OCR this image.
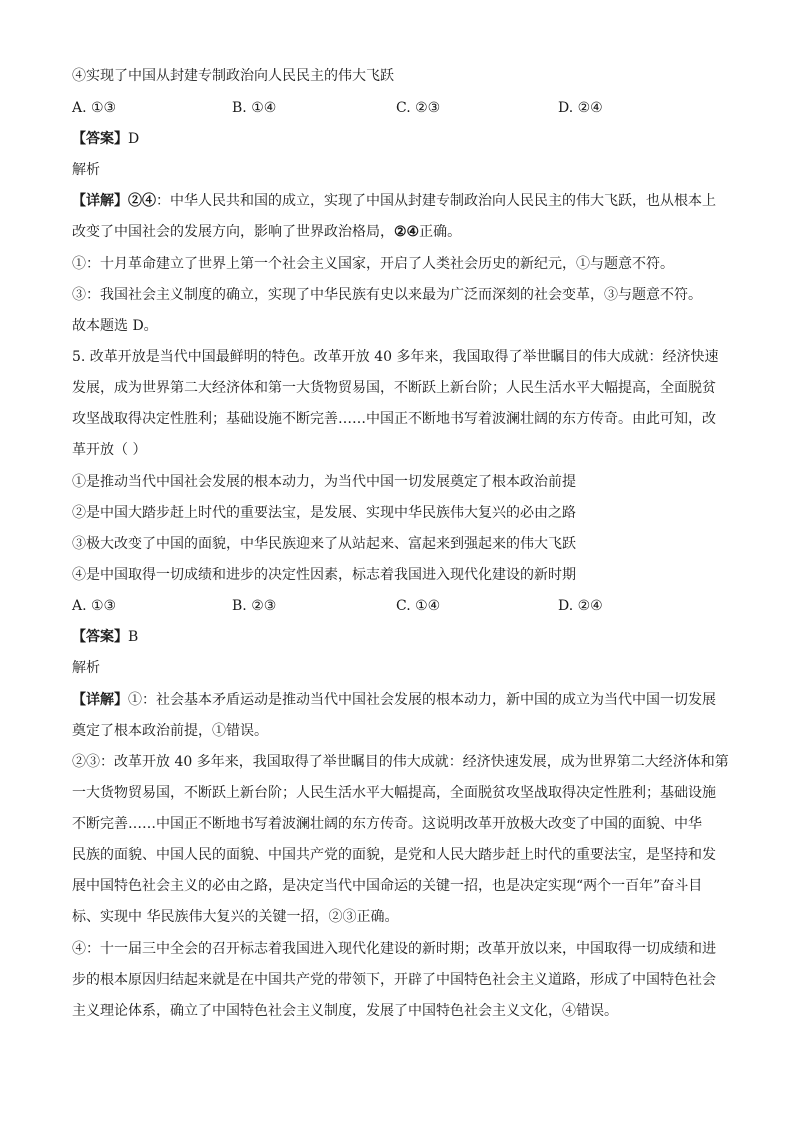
④实现了中国从封建专制政治向人民民主的伟大飞跃
A. ①③	B. ①④	C. ②③	D. ②④
【答案】D
解析
【详解】②④：中华人民共和国的成立，实现了中国从封建专制政治向人民民主的伟大飞跃，也从根本上
改变了中国社会的发展方向，影响了世界政治格局，②④正确。
①：十月革命建立了世界上第一个社会主义国家，开启了人类社会历史的新纪元，①与题意不符。
③：我国社会主义制度的确立，实现了中华民族有史以来最为广泛而深刻的社会变革，③与题意不符。
故本题选 D。
5. 改革开放是当代中国最鲜明的特色。改革开放 40 多年来，我国取得了举世瞩目的伟大成就：经济快速
发展，成为世界第二大经济体和第一大货物贸易国，不断跃上新台阶；人民生活水平大幅提高，全面脱贫
攻坚战取得决定性胜利；基础设施不断完善……中国正不断地书写着波澜壮阔的东方传奇。由此可知，改
革开放（ ）
①是推动当代中国社会发展的根本动力，为当代中国一切发展奠定了根本政治前提
②是中国大踏步赶上时代的重要法宝，是发展、实现中华民族伟大复兴的必由之路
③极大改变了中国的面貌，中华民族迎来了从站起来、富起来到强起来的伟大飞跃
④是中国取得一切成绩和进步的决定性因素，标志着我国进入现代化建设的新时期
A. ①③	B. ②③	C. ①④	D. ②④
【答案】B
解析
【详解】①：社会基本矛盾运动是推动当代中国社会发展的根本动力，新中国的成立为当代中国一切发展
奠定了根本政治前提，①错误。
②③：改革开放 40 多年来，我国取得了举世瞩目的伟大成就：经济快速发展，成为世界第二大经济体和第
一大货物贸易国，不断跃上新台阶；人民生活水平大幅提高，全面脱贫攻坚战取得决定性胜利；基础设施
不断完善……中国正不断地书写着波澜壮阔的东方传奇。这说明改革开放极大改变了中国的面貌、中华
民族的面貌、中国人民的面貌、中国共产党的面貌，是党和人民大踏步赶上时代的重要法宝，是坚持和发
展中国特色社会主义的必由之路，是决定当代中国命运的关键一招，也是决定实现“两个一百年”奋斗目
标、实现中 华民族伟大复兴的关键一招，②③正确。
④：十一届三中全会的召开标志着我国进入现代化建设的新时期；改革开放以来，中国取得一切成绩和进
步的根本原因归结起来就是在中国共产党的带领下，开辟了中国特色社会主义道路，形成了中国特色社会
主义理论体系，确立了中国特色社会主义制度，发展了中国特色社会主义文化，④错误。
